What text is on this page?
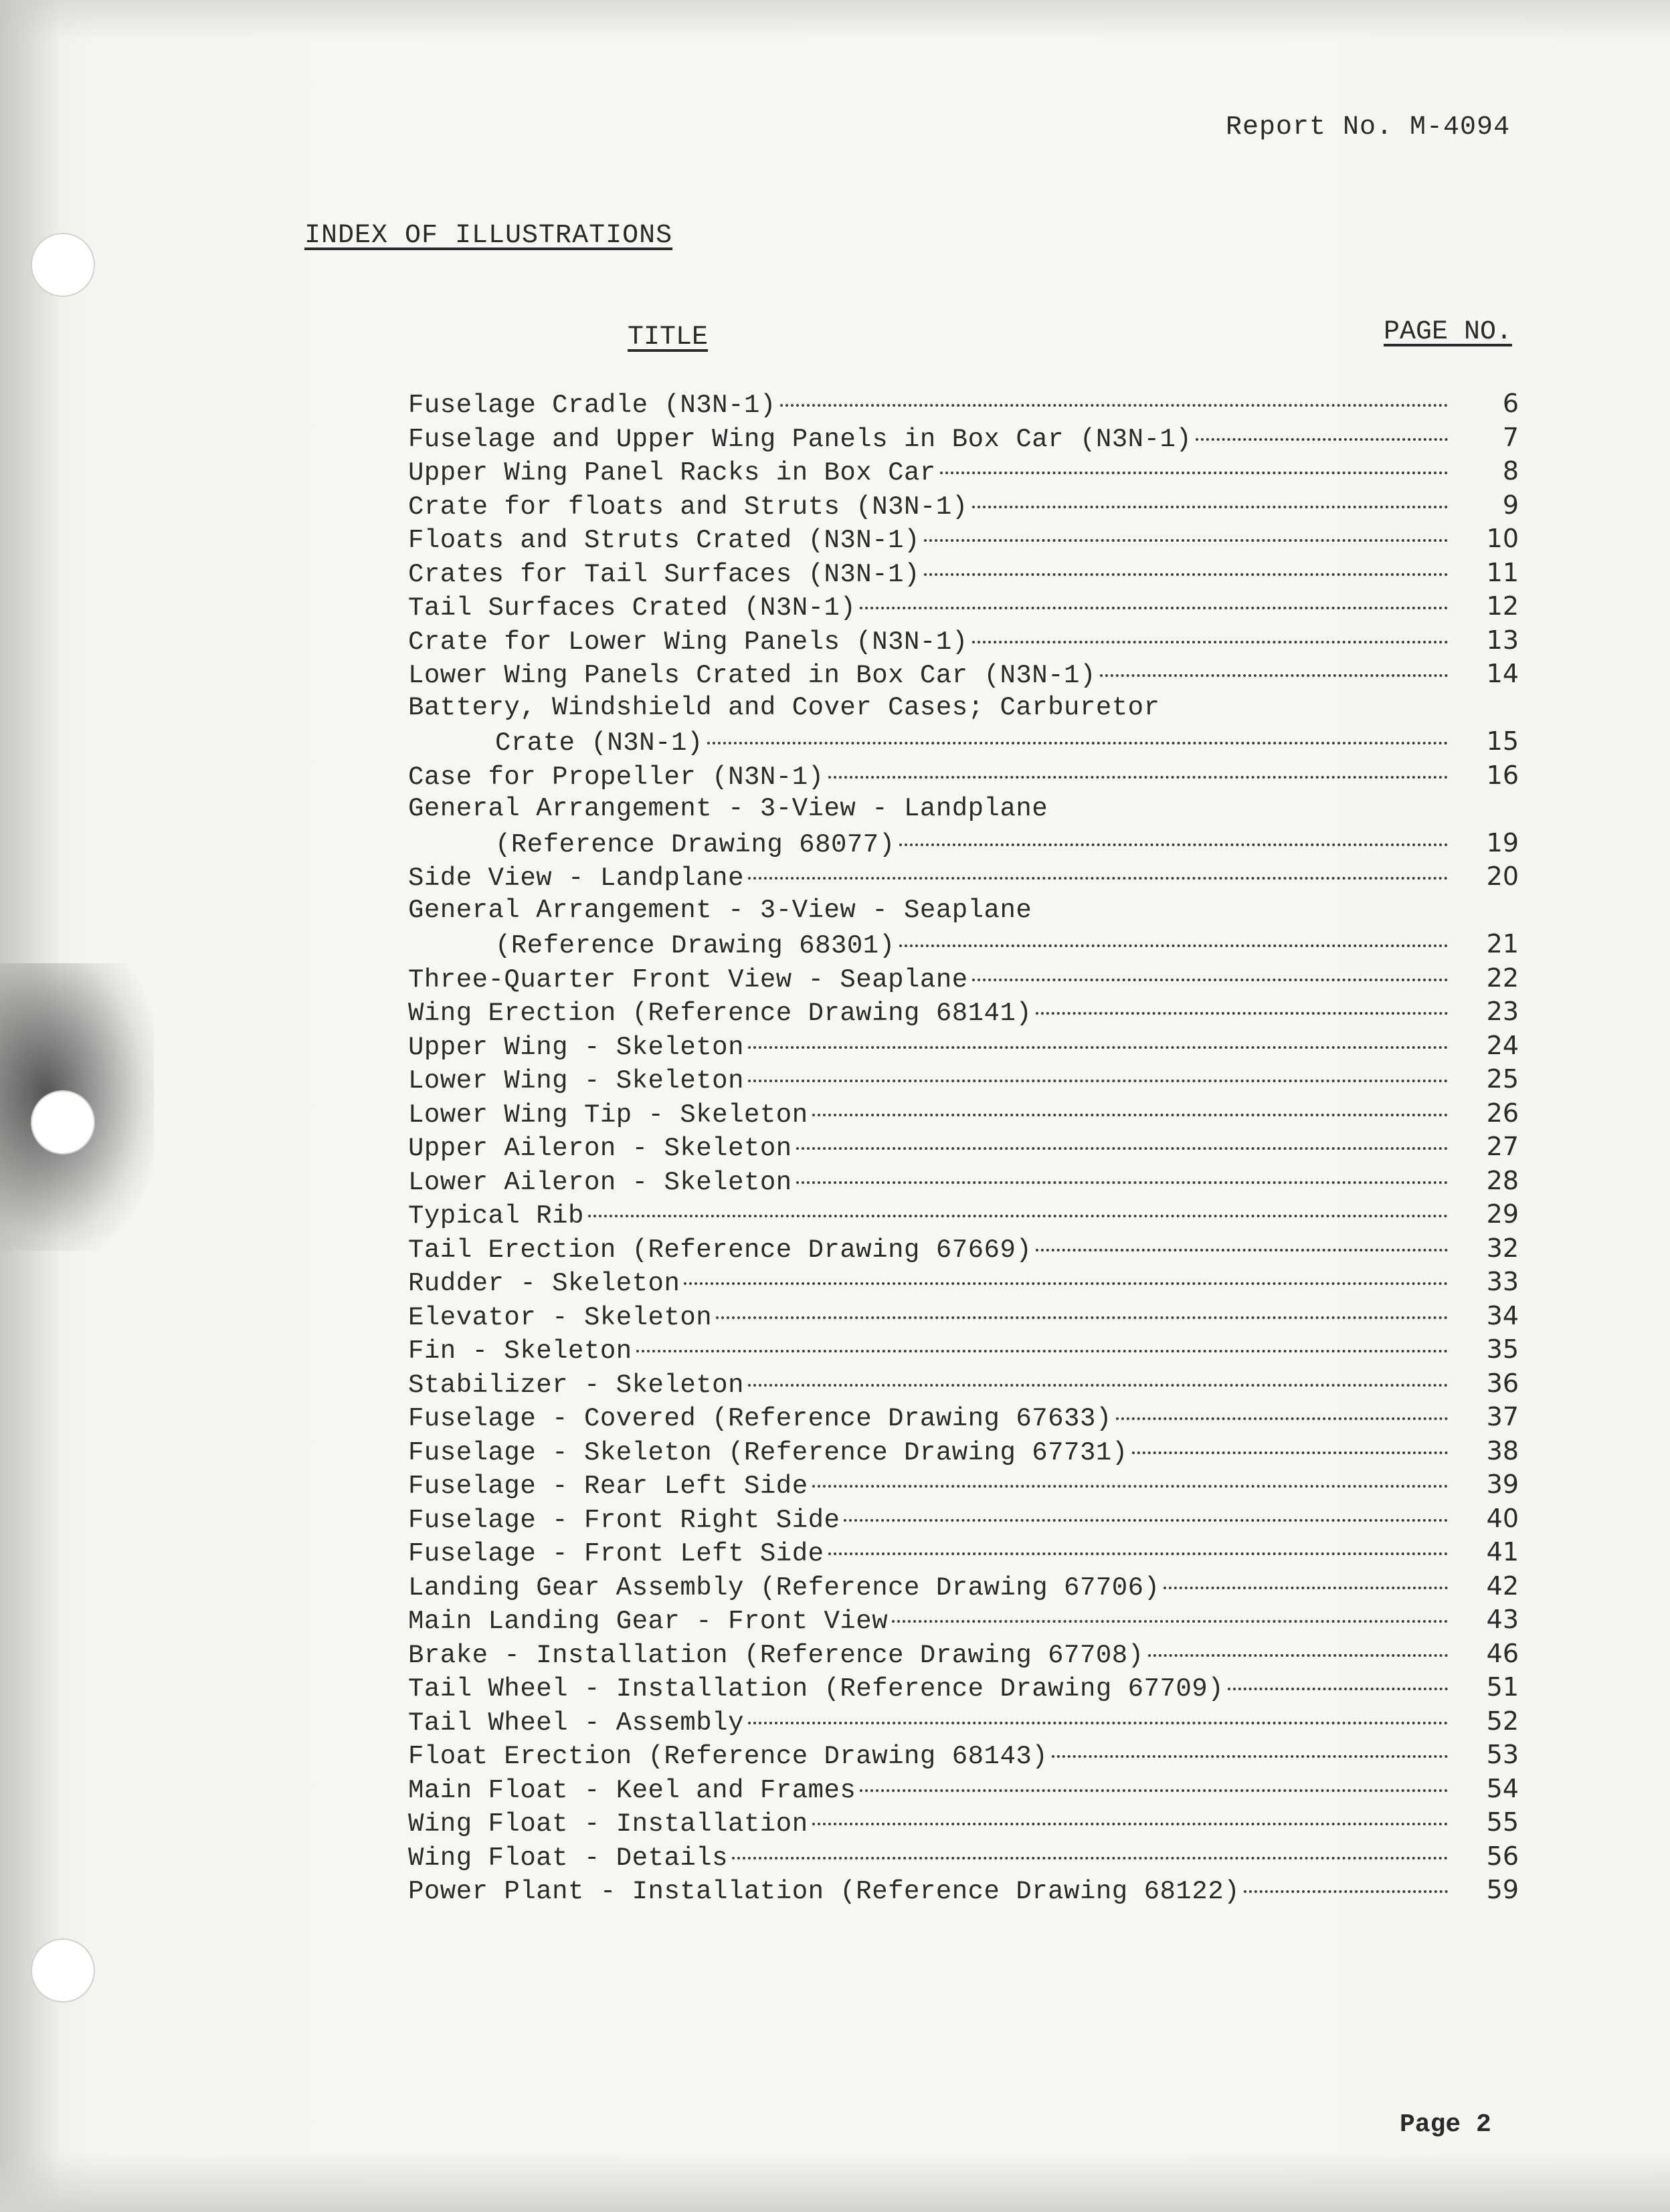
Report No. M-4094
INDEX OF ILLUSTRATIONS
TITLE	PAGE NO.
Fuselage Cradle (N3N-1)	6
Fuselage and Upper Wing Panels in Box Car (N3N-1)	7
Upper Wing Panel Racks in Box Car	8
Crate for floats and Struts (N3N-1)	9
Floats and Struts Crated (N3N-1)	10
Crates for Tail Surfaces (N3N-1)	11
Tail Surfaces Crated (N3N-1)	12
Crate for Lower Wing Panels (N3N-1)	13
Lower Wing Panels Crated in Box Car (N3N-1)	14
Battery, Windshield and Cover Cases; Carburetor
Crate (N3N-1)	15
Case for Propeller (N3N-1)	16
General Arrangement - 3-View - Landplane
(Reference Drawing 68077)	19
Side View - Landplane	20
General Arrangement - 3-View - Seaplane
(Reference Drawing 68301)	21
Three-Quarter Front View - Seaplane	22
Wing Erection (Reference Drawing 68141)	23
Upper Wing - Skeleton	24
Lower Wing - Skeleton	25
Lower Wing Tip - Skeleton	26
Upper Aileron - Skeleton	27
Lower Aileron - Skeleton	28
Typical Rib	29
Tail Erection (Reference Drawing 67669)	32
Rudder - Skeleton	33
Elevator - Skeleton	34
Fin - Skeleton	35
Stabilizer - Skeleton	36
Fuselage - Covered (Reference Drawing 67633)	37
Fuselage - Skeleton (Reference Drawing 67731)	38
Fuselage - Rear Left Side	39
Fuselage - Front Right Side	40
Fuselage - Front Left Side	41
Landing Gear Assembly (Reference Drawing 67706)	42
Main Landing Gear - Front View	43
Brake - Installation (Reference Drawing 67708)	46
Tail Wheel - Installation (Reference Drawing 67709)	51
Tail Wheel - Assembly	52
Float Erection (Reference Drawing 68143)	53
Main Float - Keel and Frames	54
Wing Float - Installation	55
Wing Float - Details	56
Power Plant - Installation (Reference Drawing 68122)	59
Page 2
